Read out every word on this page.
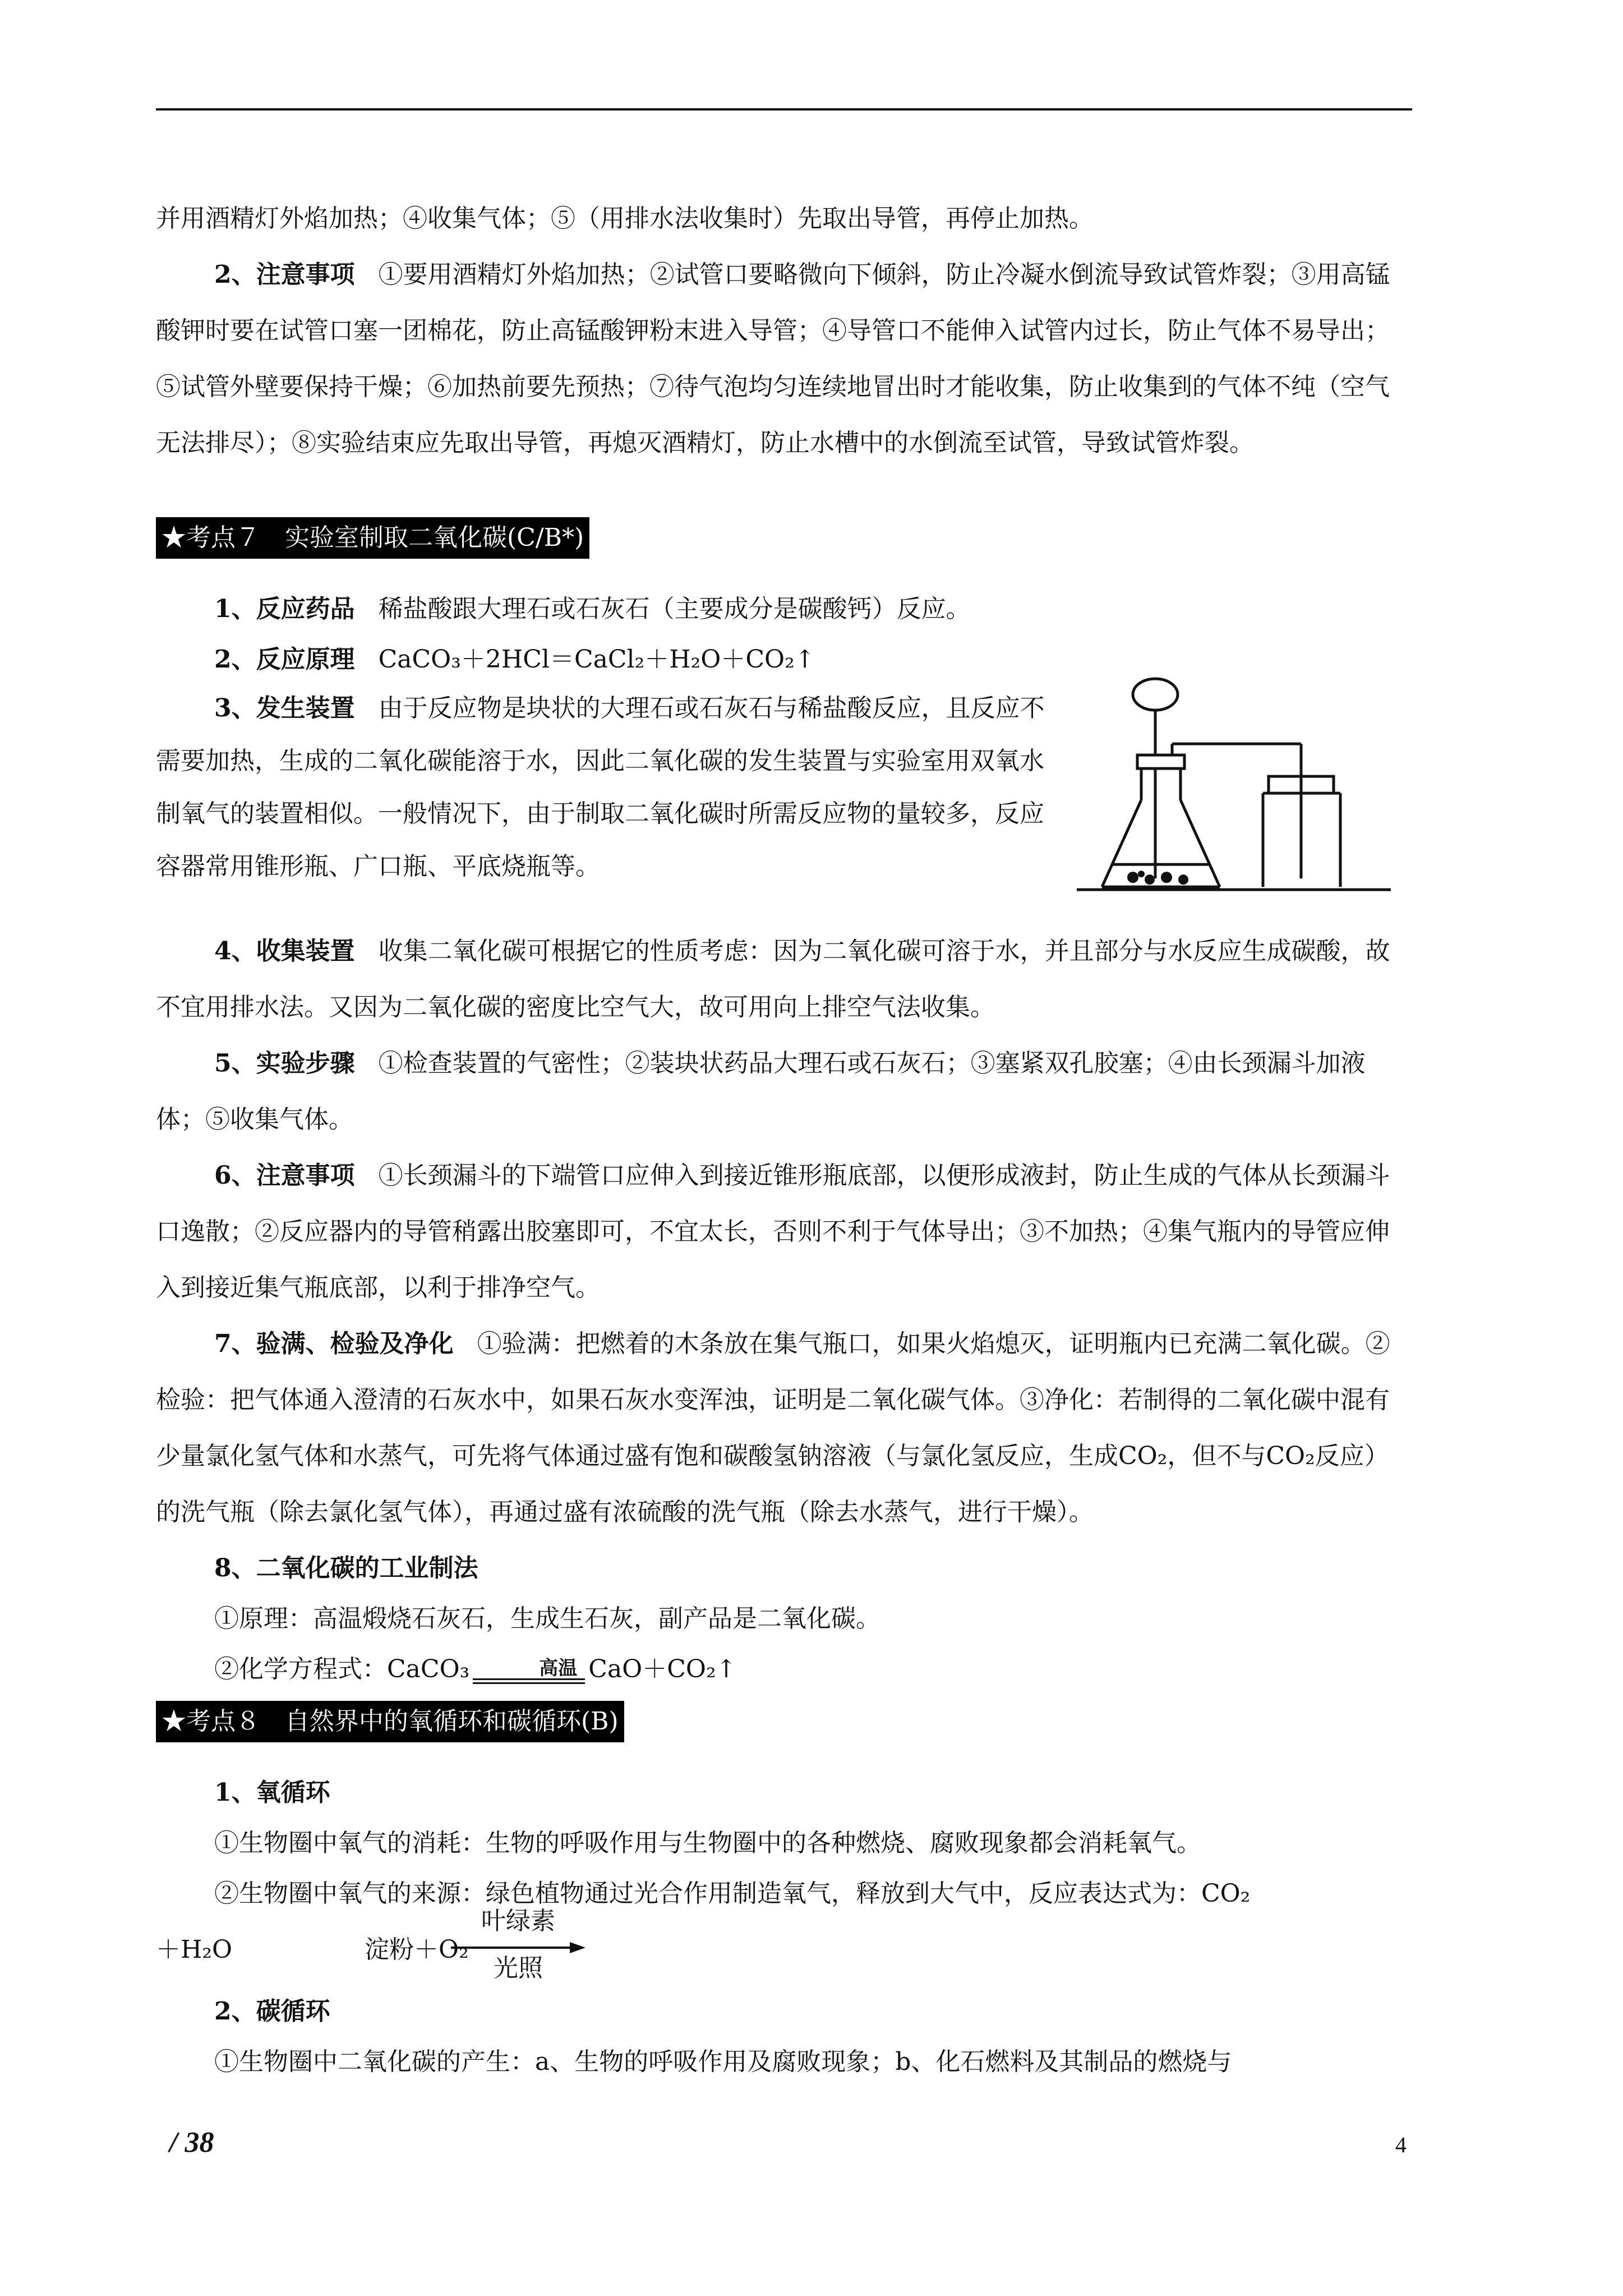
并用酒精灯外焰加热；④收集气体；⑤（用排水法收集时）先取出导管，再停止加热。

2、注意事项 ①要用酒精灯外焰加热；②试管口要略微向下倾斜，防止冷凝水倒流导致试管炸裂；③用高锰酸钾时要在试管口塞一团棉花，防止高锰酸钾粉末进入导管；④导管口不能伸入试管内过长，防止气体不易导出；⑤试管外壁要保持干燥；⑥加热前要先预热；⑦待气泡均匀连续地冒出时才能收集，防止收集到的气体不纯（空气无法排尽）；⑧实验结束应先取出导管，再熄灭酒精灯，防止水槽中的水倒流至试管，导致试管炸裂。

★考点７　实验室制取二氧化碳(C/B*)

1、反应药品 稀盐酸跟大理石或石灰石（主要成分是碳酸钙）反应。

2、反应原理 CaCO₃＋2HCl＝CaCl₂＋H₂O＋CO₂↑

3、发生装置 由于反应物是块状的大理石或石灰石与稀盐酸反应，且反应不需要加热，生成的二氧化碳能溶于水，因此二氧化碳的发生装置与实验室用双氧水制氧气的装置相似。一般情况下，由于制取二氧化碳时所需反应物的量较多，反应容器常用锥形瓶、广口瓶、平底烧瓶等。

4、收集装置 收集二氧化碳可根据它的性质考虑：因为二氧化碳可溶于水，并且部分与水反应生成碳酸，故不宜用排水法。又因为二氧化碳的密度比空气大，故可用向上排空气法收集。

5、实验步骤 ①检查装置的气密性；②装块状药品大理石或石灰石；③塞紧双孔胶塞；④由长颈漏斗加液体；⑤收集气体。

6、注意事项 ①长颈漏斗的下端管口应伸入到接近锥形瓶底部，以便形成液封，防止生成的气体从长颈漏斗口逸散；②反应器内的导管稍露出胶塞即可，不宜太长，否则不利于气体导出；③不加热；④集气瓶内的导管应伸入到接近集气瓶底部，以利于排净空气。

7、验满、检验及净化 ①验满：把燃着的木条放在集气瓶口，如果火焰熄灭，证明瓶内已充满二氧化碳。②检验：把气体通入澄清的石灰水中，如果石灰水变浑浊，证明是二氧化碳气体。③净化：若制得的二氧化碳中混有少量氯化氢气体和水蒸气，可先将气体通过盛有饱和碳酸氢钠溶液（与氯化氢反应，生成CO₂，但不与CO₂反应）的洗气瓶（除去氯化氢气体），再通过盛有浓硫酸的洗气瓶（除去水蒸气，进行干燥）。

8、二氧化碳的工业制法

①原理：高温煅烧石灰石，生成生石灰，副产品是二氧化碳。

②化学方程式：CaCO₃	高温 CaO＋CO₂↑

★考点８　自然界中的氧循环和碳循环(B)

1、氧循环

①生物圈中氧气的消耗：生物的呼吸作用与生物圈中的各种燃烧、腐败现象都会消耗氧气。

②生物圈中氧气的来源：绿色植物通过光合作用制造氧气，释放到大气中，反应表达式为：CO₂

＋H₂O	淀粉＋O₂

叶绿素
光照

2、碳循环

①生物圈中二氧化碳的产生：a、生物的呼吸作用及腐败现象；b、化石燃料及其制品的燃烧与

/ 38	4
